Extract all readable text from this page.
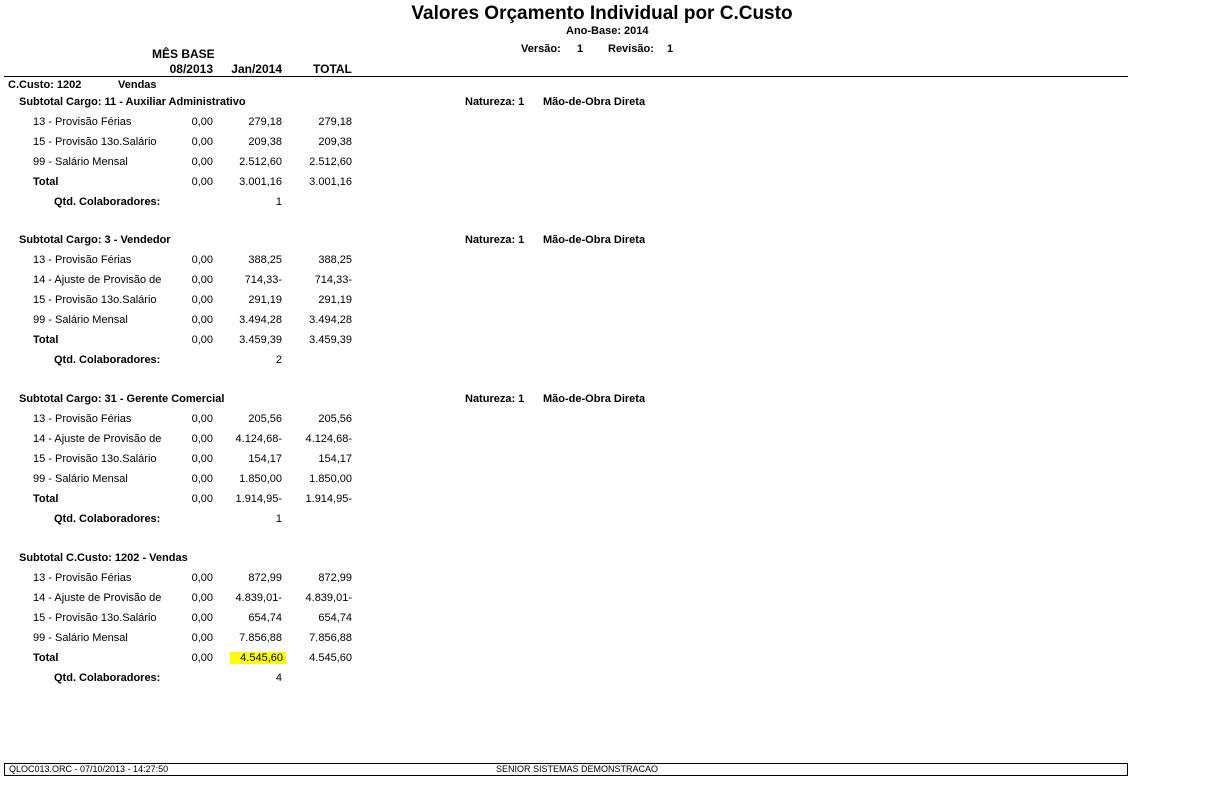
Valores Orçamento Individual por C.Custo
Ano-Base: 2014
Versão: 1 Revisão: 1
MÊS BASE
08/2013	Jan/2014	TOTAL
C.Custo: 1202	Vendas
Subtotal Cargo: 11 - Auxiliar Administrativo	Natureza: 1 Mão-de-Obra Direta
13 - Provisão Férias	0,00	279,18	279,18
15 - Provisão 13o.Salário	0,00	209,38	209,38
99 - Salário Mensal	0,00	2.512,60	2.512,60
Total	0,00	3.001,16	3.001,16
Qtd. Colaboradores:	1
Subtotal Cargo: 3 - Vendedor	Natureza: 1 Mão-de-Obra Direta
13 - Provisão Férias	0,00	388,25	388,25
14 - Ajuste de Provisão de	0,00	714,33-	714,33-
15 - Provisão 13o.Salário	0,00	291,19	291,19
99 - Salário Mensal	0,00	3.494,28	3.494,28
Total	0,00	3.459,39	3.459,39
Qtd. Colaboradores:	2
Subtotal Cargo: 31 - Gerente Comercial	Natureza: 1 Mão-de-Obra Direta
13 - Provisão Férias	0,00	205,56	205,56
14 - Ajuste de Provisão de	0,00	4.124,68-	4.124,68-
15 - Provisão 13o.Salário	0,00	154,17	154,17
99 - Salário Mensal	0,00	1.850,00	1.850,00
Total	0,00	1.914,95-	1.914,95-
Qtd. Colaboradores:	1
Subtotal C.Custo: 1202 - Vendas
13 - Provisão Férias	0,00	872,99	872,99
14 - Ajuste de Provisão de	0,00	4.839,01-	4.839,01-
15 - Provisão 13o.Salário	0,00	654,74	654,74
99 - Salário Mensal	0,00	7.856,88	7.856,88
Total	0,00	4.545,60	4.545,60
Qtd. Colaboradores:	4
QLOC013.ORC - 07/10/2013 - 14:27:50	SENIOR SISTEMAS DEMONSTRACAO
